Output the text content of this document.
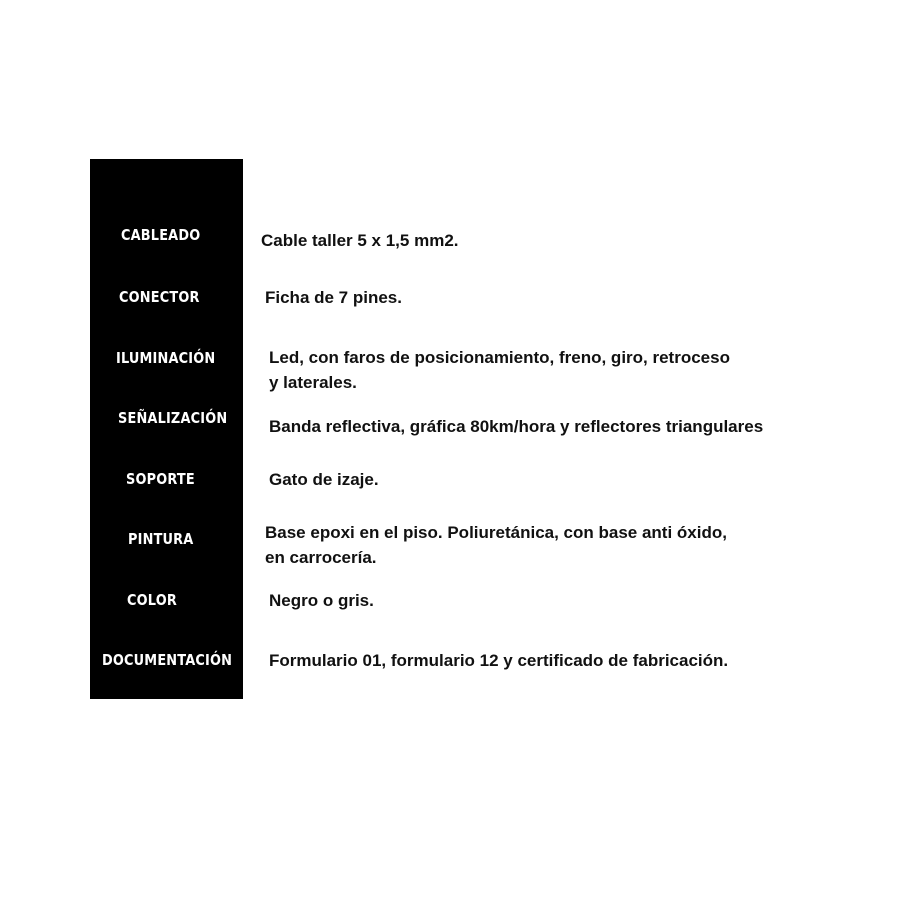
CABLEADO
CONECTOR
ILUMINACIÓN
SEÑALIZACIÓN
SOPORTE
PINTURA
COLOR
DOCUMENTACIÓN
Cable taller 5 x 1,5 mm2.
Ficha de 7 pines.
Led, con faros de posicionamiento, freno, giro, retroceso
y laterales.
Banda reflectiva, gráfica 80km/hora y reflectores triangulares
Gato de izaje.
Base epoxi en el piso. Poliuretánica, con base anti óxido,
en carrocería.
Negro o gris.
Formulario 01, formulario 12 y certificado de fabricación.
